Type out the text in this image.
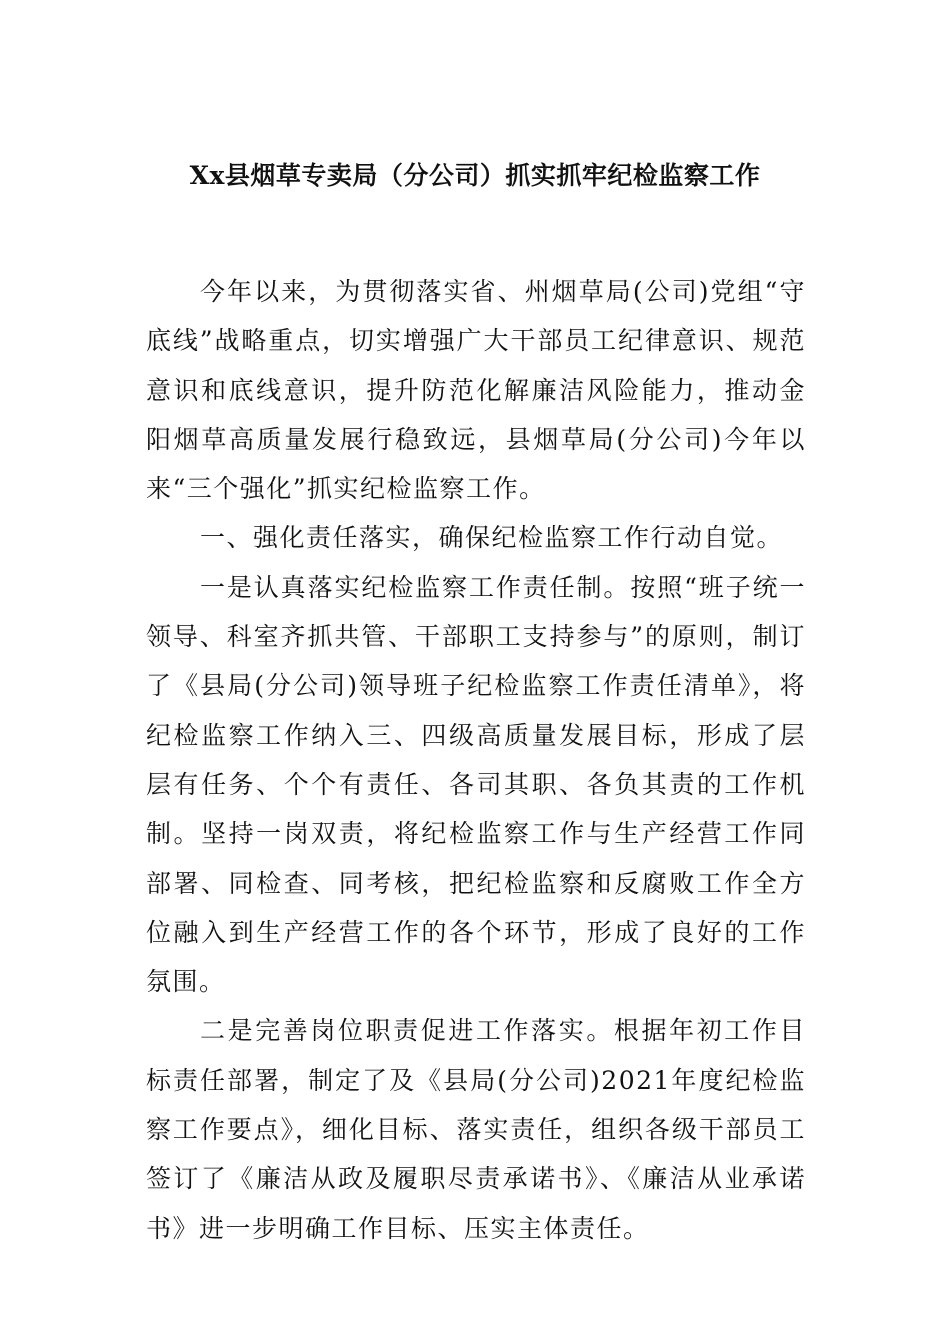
Xx县烟草专卖局（分公司）抓实抓牢纪检监察工作

今年以来，为贯彻落实省、州烟草局(公司)党组“守底线”战略重点，切实增强广大干部员工纪律意识、规范意识和底线意识，提升防范化解廉洁风险能力，推动金阳烟草高质量发展行稳致远，县烟草局(分公司)今年以来“三个强化”抓实纪检监察工作。

一、强化责任落实，确保纪检监察工作行动自觉。

一是认真落实纪检监察工作责任制。按照“班子统一领导、科室齐抓共管、干部职工支持参与”的原则，制订了《县局(分公司)领导班子纪检监察工作责任清单》，将纪检监察工作纳入三、四级高质量发展目标，形成了层层有任务、个个有责任、各司其职、各负其责的工作机制。坚持一岗双责，将纪检监察工作与生产经营工作同部署、同检查、同考核，把纪检监察和反腐败工作全方位融入到生产经营工作的各个环节，形成了良好的工作氛围。

二是完善岗位职责促进工作落实。根据年初工作目标责任部署，制定了及《县局(分公司)2021年度纪检监察工作要点》，细化目标、落实责任，组织各级干部员工签订了《廉洁从政及履职尽责承诺书》、《廉洁从业承诺书》进一步明确工作目标、压实主体责任。
